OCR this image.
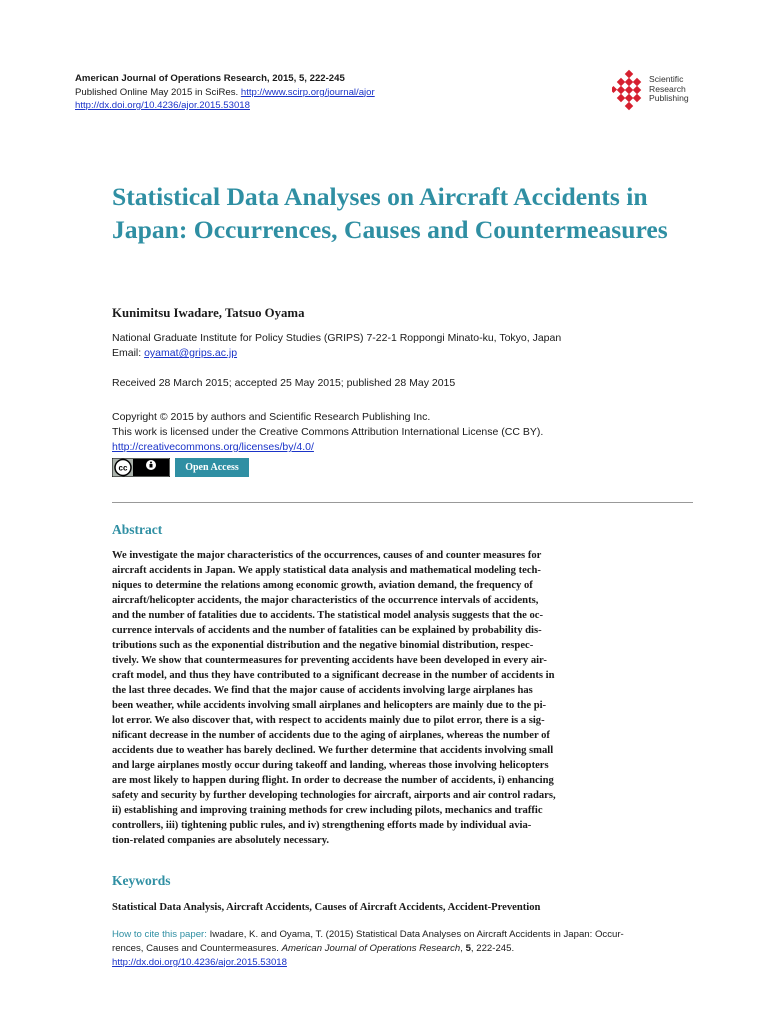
American Journal of Operations Research, 2015, 5, 222-245
Published Online May 2015 in SciRes. http://www.scirp.org/journal/ajor
http://dx.doi.org/10.4236/ajor.2015.53018
Scientific
Research
Publishing
Statistical Data Analyses on Aircraft Accidents in Japan: Occurrences, Causes and Countermeasures
Kunimitsu Iwadare, Tatsuo Oyama
National Graduate Institute for Policy Studies (GRIPS) 7-22-1 Roppongi Minato-ku, Tokyo, Japan
Email: oyamat@grips.ac.jp
Received 28 March 2015; accepted 25 May 2015; published 28 May 2015
Copyright © 2015 by authors and Scientific Research Publishing Inc.
This work is licensed under the Creative Commons Attribution International License (CC BY).
http://creativecommons.org/licenses/by/4.0/
cc	Open Access
Abstract
We investigate the major characteristics of the occurrences, causes of and counter measures for
aircraft accidents in Japan. We apply statistical data analysis and mathematical modeling tech-
niques to determine the relations among economic growth, aviation demand, the frequency of
aircraft/helicopter accidents, the major characteristics of the occurrence intervals of accidents,
and the number of fatalities due to accidents. The statistical model analysis suggests that the oc-
currence intervals of accidents and the number of fatalities can be explained by probability dis-
tributions such as the exponential distribution and the negative binomial distribution, respec-
tively. We show that countermeasures for preventing accidents have been developed in every air-
craft model, and thus they have contributed to a significant decrease in the number of accidents in
the last three decades. We find that the major cause of accidents involving large airplanes has
been weather, while accidents involving small airplanes and helicopters are mainly due to the pi-
lot error. We also discover that, with respect to accidents mainly due to pilot error, there is a sig-
nificant decrease in the number of accidents due to the aging of airplanes, whereas the number of
accidents due to weather has barely declined. We further determine that accidents involving small
and large airplanes mostly occur during takeoff and landing, whereas those involving helicopters
are most likely to happen during flight. In order to decrease the number of accidents, i) enhancing
safety and security by further developing technologies for aircraft, airports and air control radars,
ii) establishing and improving training methods for crew including pilots, mechanics and traffic
controllers, iii) tightening public rules, and iv) strengthening efforts made by individual avia-
tion-related companies are absolutely necessary.
Keywords
Statistical Data Analysis, Aircraft Accidents, Causes of Aircraft Accidents, Accident-Prevention
How to cite this paper: Iwadare, K. and Oyama, T. (2015) Statistical Data Analyses on Aircraft Accidents in Japan: Occur-
rences, Causes and Countermeasures. American Journal of Operations Research, 5, 222-245.
http://dx.doi.org/10.4236/ajor.2015.53018
